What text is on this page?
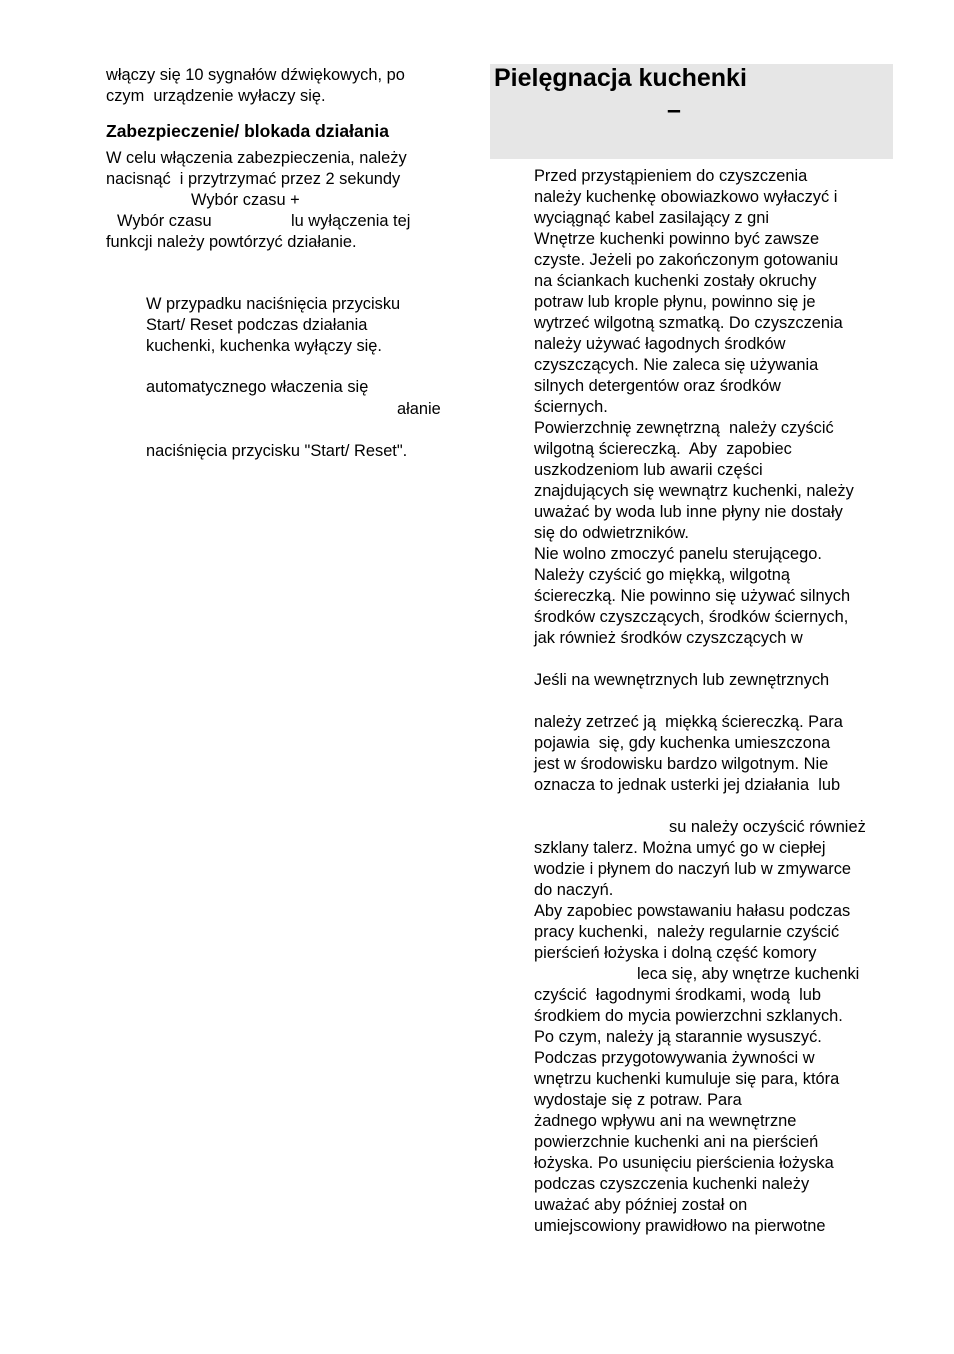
włączy się 10 sygnałów dźwiękowych, po
czym  urządzenie wyłaczy się.
Zabezpieczenie/ blokada działania
W celu włączenia zabezpieczenia, należy
nacisnąć  i przytrzymać przez 2 sekundy
Wybór czasu +
Wybór czasu	lu wyłączenia tej
funkcji należy powtórzyć działanie.
W przypadku naciśnięcia przycisku
Start/ Reset podczas działania
kuchenki, kuchenka wyłączy się.
automatycznego właczenia się
ałanie
naciśnięcia przycisku "Start/ Reset".
Pielęgnacja kuchenki
–
Przed przystąpieniem do czyszczenia
należy kuchenkę obowiazkowo wyłaczyć i
wyciągnąć kabel zasilający z gni
Wnętrze kuchenki powinno być zawsze
czyste. Jeżeli po zakończonym gotowaniu
na ściankach kuchenki zostały okruchy
potraw lub krople płynu, powinno się je
wytrzeć wilgotną szmatką. Do czyszczenia
należy używać łagodnych środków
czyszczących. Nie zaleca się używania
silnych detergentów oraz środków
ściernych.
Powierzchnię zewnętrzną  należy czyścić
wilgotną ściereczką.  Aby  zapobiec
uszkodzeniom lub awarii części
znajdujących się wewnątrz kuchenki, należy
uważać by woda lub inne płyny nie dostały
się do odwietrzników.
Nie wolno zmoczyć panelu sterującego.
Należy czyścić go miękką, wilgotną
ściereczką. Nie powinno się używać silnych
środków czyszczących, środków ściernych,
jak również środków czyszczących w
Jeśli na wewnętrznych lub zewnętrznych
należy zetrzeć ją  miękką ściereczką. Para
pojawia  się, gdy kuchenka umieszczona
jest w środowisku bardzo wilgotnym. Nie
oznacza to jednak usterki jej działania  lub
su należy oczyścić również
szklany talerz. Można umyć go w ciepłej
wodzie i płynem do naczyń lub w zmywarce
do naczyń.
Aby zapobiec powstawaniu hałasu podczas
pracy kuchenki,  należy regularnie czyścić
pierścień łożyska i dolną część komory
leca się, aby wnętrze kuchenki
czyścić  łagodnymi środkami, wodą  lub
środkiem do mycia powierzchni szklanych.
Po czym, należy ją starannie wysuszyć.
Podczas przygotowywania żywności w
wnętrzu kuchenki kumuluje się para, która
wydostaje się z potraw. Para
żadnego wpływu ani na wewnętrzne
powierzchnie kuchenki ani na pierścień
łożyska. Po usunięciu pierścienia łożyska
podczas czyszczenia kuchenki należy
uważać aby później został on
umiejscowiony prawidłowo na pierwotne
